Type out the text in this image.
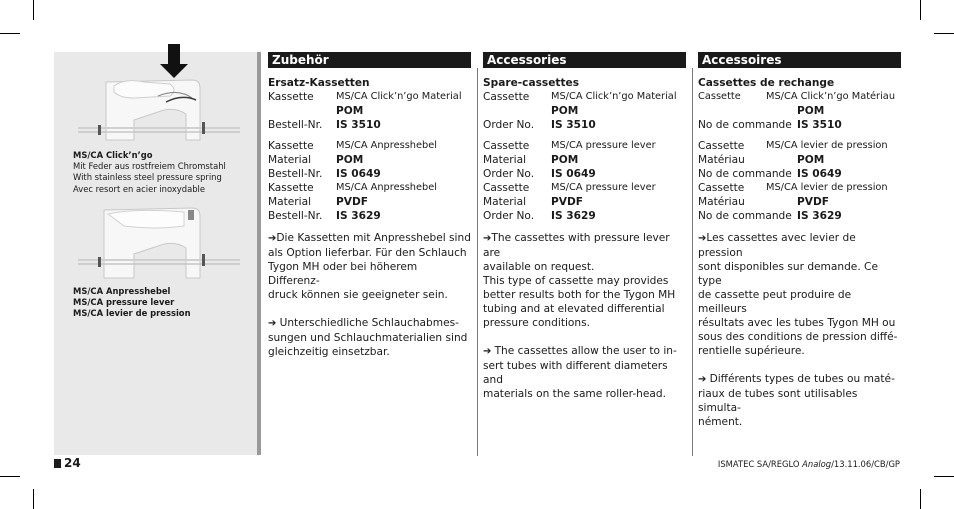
MS/CA Click’n’go
Mit Feder aus rostfreiem Chromstahl
With stainless steel pressure spring
Avec resort en acier inoxydable
MS/CA Anpresshebel
MS/CA pressure lever
MS/CA levier de pression
Zubehör
Ersatz-Kassetten
Kassette	MS/CA Click’n’go Material
POM
Bestell-Nr.	IS 3510
Kassette	MS/CA Anpresshebel
Material	POM
Bestell-Nr.	IS 0649
Kassette	MS/CA Anpresshebel
Material	PVDF
Bestell-Nr.	IS 3629
➔Die Kassetten mit Anpresshebel sind
als Option lieferbar. Für den Schlauch
Tygon MH oder bei höherem Differenz-
druck können sie geeigneter sein.
➔ Unterschiedliche Schlauchabmes-
sungen und Schlauchmaterialien sind
gleichzeitig einsetzbar.
Accessories
Spare-cassettes
Cassette	MS/CA Click’n’go Material
POM
Order No.	IS 3510
Cassette	MS/CA pressure lever
Material	POM
Order No.	IS 0649
Cassette	MS/CA pressure lever
Material	PVDF
Order No.	IS 3629
➔The cassettes with pressure lever are
available on request.
This type of cassette may provides
better results both for the Tygon MH
tubing and at elevated differential
pressure conditions.
➔ The cassettes allow the user to in-
sert tubes with different diameters and
materials on the same roller-head.
Accessoires
Cassettes de rechange
Cassette	MS/CA Click’n’go Matériau
POM
No de commande IS 3510
Cassette	MS/CA levier de pression
Matériau	POM
No de commande IS 0649
Cassette	MS/CA levier de pression
Matériau	PVDF
No de commande IS 3629
➔Les cassettes avec levier de pression
sont disponibles sur demande. Ce type
de cassette peut produire de meilleurs
résultats avec les tubes Tygon MH ou
sous des conditions de pression diffé-
rentielle supérieure.
➔ Différents types de tubes ou maté-
riaux de tubes sont utilisables simulta-
nément.
24	ISMATEC SA/REGLO Analog/13.11.06/CB/GP
